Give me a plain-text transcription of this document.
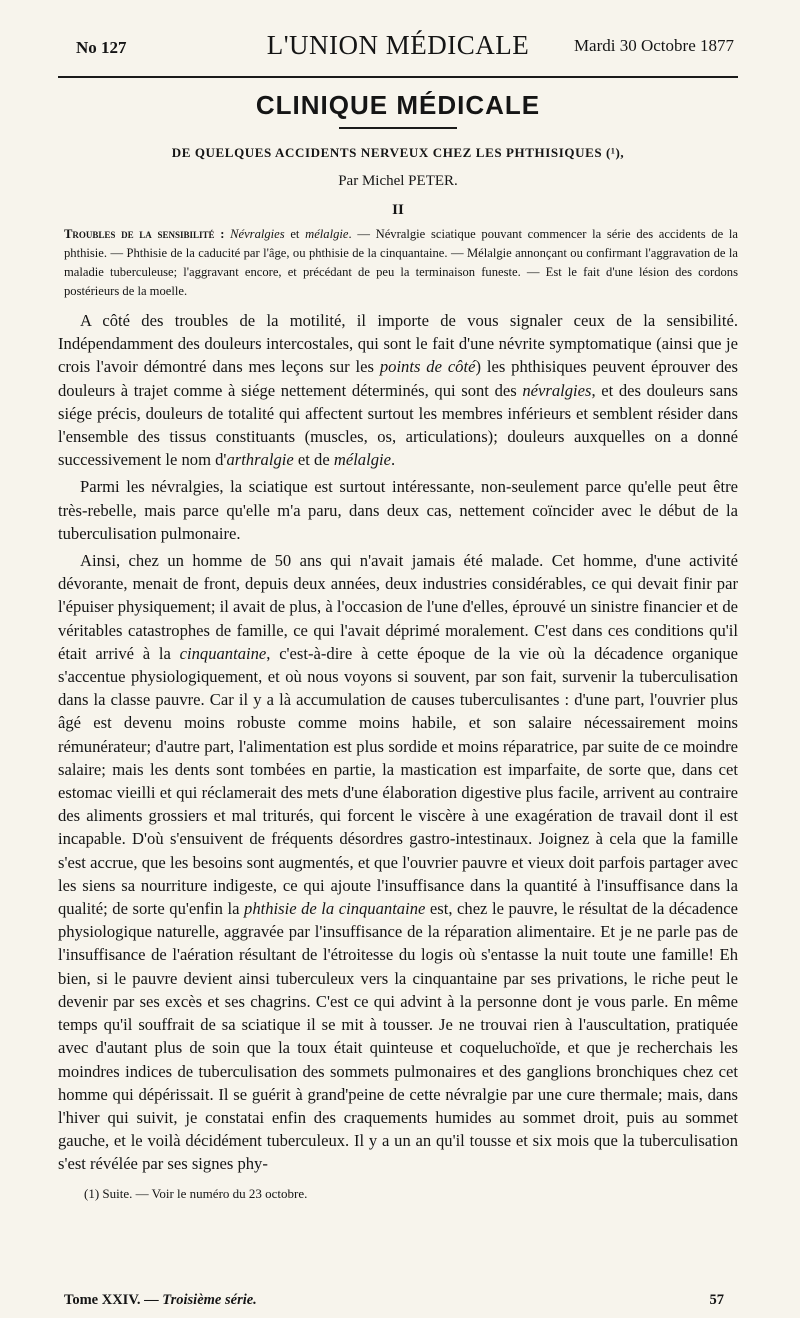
No 127	L'UNION MÉDICALE	Mardi 30 Octobre 1877
CLINIQUE MÉDICALE
DE QUELQUES ACCIDENTS NERVEUX CHEZ LES PHTHISIQUES (¹),
Par Michel PETER.
II
Troubles de la sensibilité : Névralgies et mélalgie. — Névralgie sciatique pouvant commencer la série des accidents de la phthisie. — Phthisie de la caducité par l'âge, ou phthisie de la cinquantaine. — Mélalgie annonçant ou confirmant l'aggravation de la maladie tuberculeuse; l'aggravant encore, et précédant de peu la terminaison funeste. — Est le fait d'une lésion des cordons postérieurs de la moelle.

A côté des troubles de la motilité, il importe de vous signaler ceux de la sensibilité. Indépendamment des douleurs intercostales, qui sont le fait d'une névrite symptomatique (ainsi que je crois l'avoir démontré dans mes leçons sur les points de côté) les phthisiques peuvent éprouver des douleurs à trajet comme à siége nettement déterminés, qui sont des névralgies, et des douleurs sans siége précis, douleurs de totalité qui affectent surtout les membres inférieurs et semblent résider dans l'ensemble des tissus constituants (muscles, os, articulations); douleurs auxquelles on a donné successivement le nom d'arthralgie et de mélalgie.

Parmi les névralgies, la sciatique est surtout intéressante, non-seulement parce qu'elle peut être très-rebelle, mais parce qu'elle m'a paru, dans deux cas, nettement coïncider avec le début de la tuberculisation pulmonaire.

Ainsi, chez un homme de 50 ans qui n'avait jamais été malade. Cet homme, d'une activité dévorante, menait de front, depuis deux années, deux industries considérables, ce qui devait finir par l'épuiser physiquement; il avait de plus, à l'occasion de l'une d'elles, éprouvé un sinistre financier et de véritables catastrophes de famille, ce qui l'avait déprimé moralement. C'est dans ces conditions qu'il était arrivé à la cinquantaine, c'est-à-dire à cette époque de la vie où la décadence organique s'accentue physiologiquement, et où nous voyons si souvent, par son fait, survenir la tuberculisation dans la classe pauvre. Car il y a là accumulation de causes tuberculisantes : d'une part, l'ouvrier plus âgé est devenu moins robuste comme moins habile, et son salaire nécessairement moins rémunérateur; d'autre part, l'alimentation est plus sordide et moins réparatrice, par suite de ce moindre salaire; mais les dents sont tombées en partie, la mastication est imparfaite, de sorte que, dans cet estomac vieilli et qui réclamerait des mets d'une élaboration digestive plus facile, arrivent au contraire des aliments grossiers et mal triturés, qui forcent le viscère à une exagération de travail dont il est incapable. D'où s'ensuivent de fréquents désordres gastro-intestinaux. Joignez à cela que la famille s'est accrue, que les besoins sont augmentés, et que l'ouvrier pauvre et vieux doit parfois partager avec les siens sa nourriture indigeste, ce qui ajoute l'insuffisance dans la quantité à l'insuffisance dans la qualité; de sorte qu'enfin la phthisie de la cinquantaine est, chez le pauvre, le résultat de la décadence physiologique naturelle, aggravée par l'insuffisance de la réparation alimentaire. Et je ne parle pas de l'insuffisance de l'aération résultant de l'étroitesse du logis où s'entasse la nuit toute une famille! Eh bien, si le pauvre devient ainsi tuberculeux vers la cinquantaine par ses privations, le riche peut le devenir par ses excès et ses chagrins. C'est ce qui advint à la personne dont je vous parle. En même temps qu'il souffrait de sa sciatique il se mit à tousser. Je ne trouvai rien à l'auscultation, pratiquée avec d'autant plus de soin que la toux était quinteuse et coqueluchoïde, et que je recherchais les moindres indices de tuberculisation des sommets pulmonaires et des ganglions bronchiques chez cet homme qui dépérissait. Il se guérit à grand'peine de cette névralgie par une cure thermale; mais, dans l'hiver qui suivit, je constatai enfin des craquements humides au sommet droit, puis au sommet gauche, et le voilà décidément tuberculeux. Il y a un an qu'il tousse et six mois que la tuberculisation s'est révélée par ses signes phy-

(1) Suite. — Voir le numéro du 23 octobre.
Tome XXIV. — Troisième série.	57
